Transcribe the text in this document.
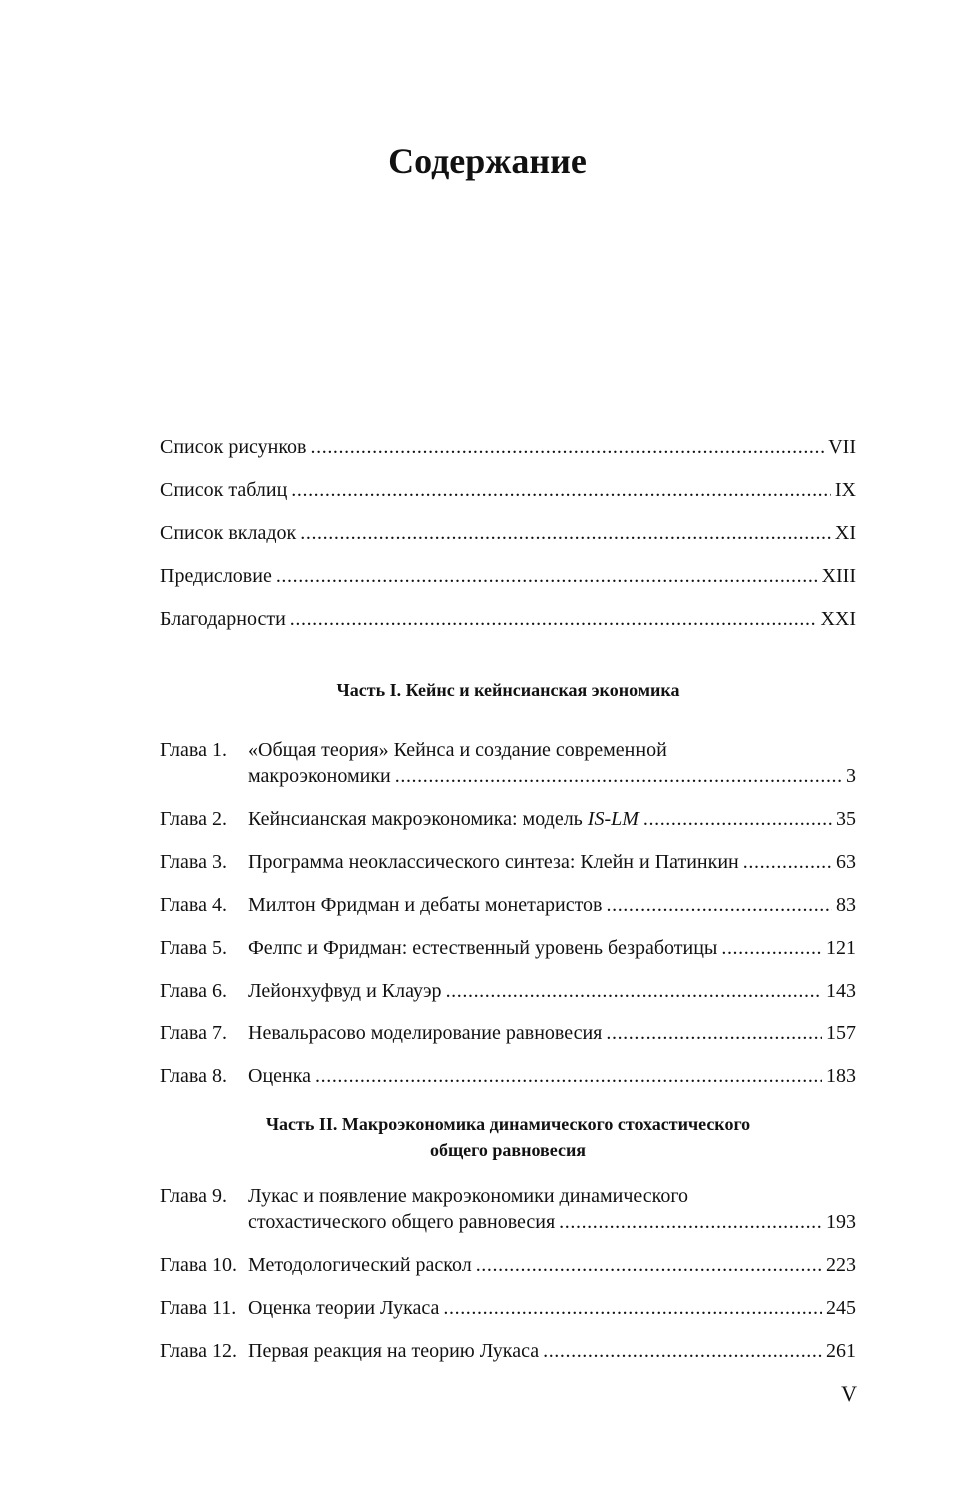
Содержание
Список рисунков . . .	VII
Список таблиц . . .	IX
Список вкладок . . .	XI
Предисловие . . .	XIII
Благодарности . . .	XXI
Часть I. Кейнс и кейнсианская экономика
Глава 1. «Общая теория» Кейнса и создание современной
макроэкономики . . .	3
Глава 2. Кейнсианская макроэкономика: модель IS-LM . . .	35
Глава 3. Программа неоклассического синтеза: Клейн и Патинкин . . .	63
Глава 4. Милтон Фридман и дебаты монетаристов . . .	83
Глава 5. Фелпс и Фридман: естественный уровень безработицы . . .	121
Глава 6. Лейонхуфвуд и Клауэр . . .	143
Глава 7. Невальрасово моделирование равновесия . . .	157
Глава 8. Оценка . . .	183
Часть II. Макроэкономика динамического стохастического
общего равновесия
Глава 9. Лукас и появление макроэкономики динамического
стохастического общего равновесия . . .	193
Глава 10. Методологический раскол . . .	223
Глава 11. Оценка теории Лукаса . . .	245
Глава 12. Первая реакция на теорию Лукаса . . .	261
V
